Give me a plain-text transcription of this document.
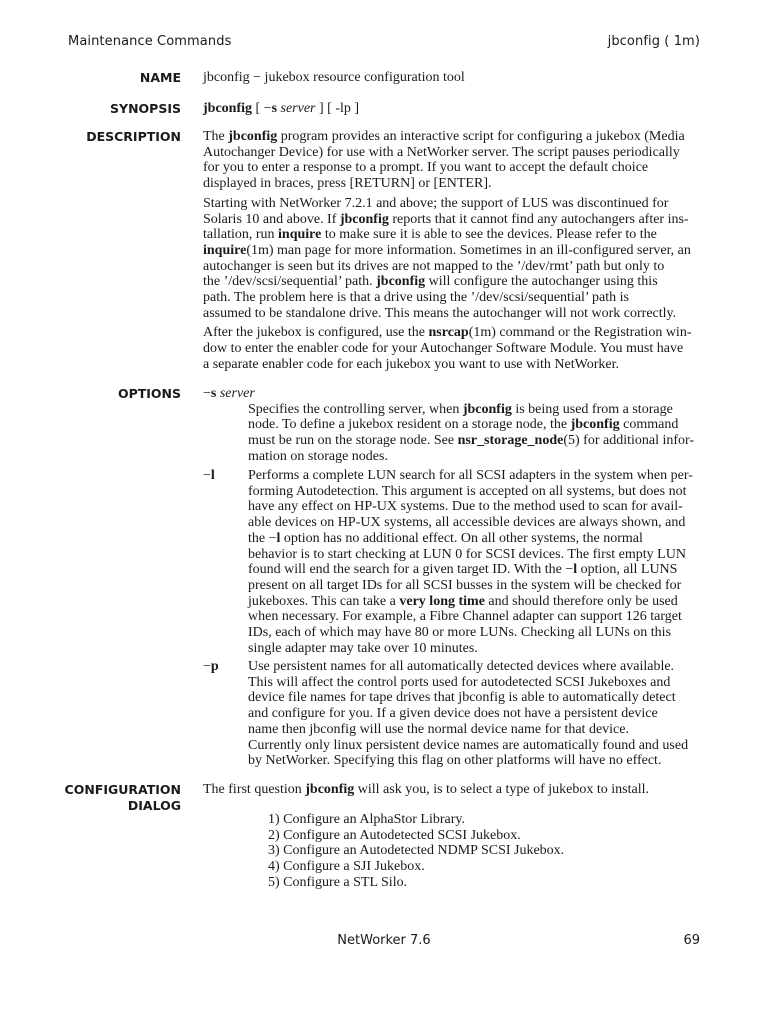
Maintenance Commands	jbconfig ( 1m)
NAME jbconfig − jukebox resource configuration tool
SYNOPSIS jbconfig [ −s server ] [ -lp ]
DESCRIPTION The jbconfig program provides an interactive script for configuring a jukebox (Media
Autochanger Device) for use with a NetWorker server. The script pauses periodically
for you to enter a response to a prompt. If you want to accept the default choice
displayed in braces, press [RETURN] or [ENTER].

Starting with NetWorker 7.2.1 and above; the support of LUS was discontinued for
Solaris 10 and above. If jbconfig reports that it cannot find any autochangers after ins-
tallation, run inquire to make sure it is able to see the devices. Please refer to the
inquire(1m) man page for more information. Sometimes in an ill-configured server, an
autochanger is seen but its drives are not mapped to the ’/dev/rmt’ path but only to
the ’/dev/scsi/sequential’ path. jbconfig will configure the autochanger using this
path. The problem here is that a drive using the ’/dev/scsi/sequential’ path is
assumed to be standalone drive. This means the autochanger will not work correctly.

After the jukebox is configured, use the nsrcap(1m) command or the Registration win-
dow to enter the enabler code for your Autochanger Software Module. You must have
a separate enabler code for each jukebox you want to use with NetWorker.

OPTIONS −s server
Specifies the controlling server, when jbconfig is being used from a storage
node. To define a jukebox resident on a storage node, the jbconfig command
must be run on the storage node. See nsr_storage_node(5) for additional infor-
mation on storage nodes.
−l Performs a complete LUN search for all SCSI adapters in the system when per-
forming Autodetection. This argument is accepted on all systems, but does not
have any effect on HP-UX systems. Due to the method used to scan for avail-
able devices on HP-UX systems, all accessible devices are always shown, and
the −l option has no additional effect. On all other systems, the normal
behavior is to start checking at LUN 0 for SCSI devices. The first empty LUN
found will end the search for a given target ID. With the −l option, all LUNS
present on all target IDs for all SCSI busses in the system will be checked for
jukeboxes. This can take a very long time and should therefore only be used
when necessary. For example, a Fibre Channel adapter can support 126 target
IDs, each of which may have 80 or more LUNs. Checking all LUNs on this
single adapter may take over 10 minutes.
−p Use persistent names for all automatically detected devices where available.
This will affect the control ports used for autodetected SCSI Jukeboxes and
device file names for tape drives that jbconfig is able to automatically detect
and configure for you. If a given device does not have a persistent device
name then jbconfig will use the normal device name for that device.
Currently only linux persistent device names are automatically found and used
by NetWorker. Specifying this flag on other platforms will have no effect.
CONFIGURATION
DIALOG
The first question jbconfig will ask you, is to select a type of jukebox to install.
1) Configure an AlphaStor Library.
2) Configure an Autodetected SCSI Jukebox.
3) Configure an Autodetected NDMP SCSI Jukebox.
4) Configure a SJI Jukebox.
5) Configure a STL Silo.
NetWorker 7.6	69
